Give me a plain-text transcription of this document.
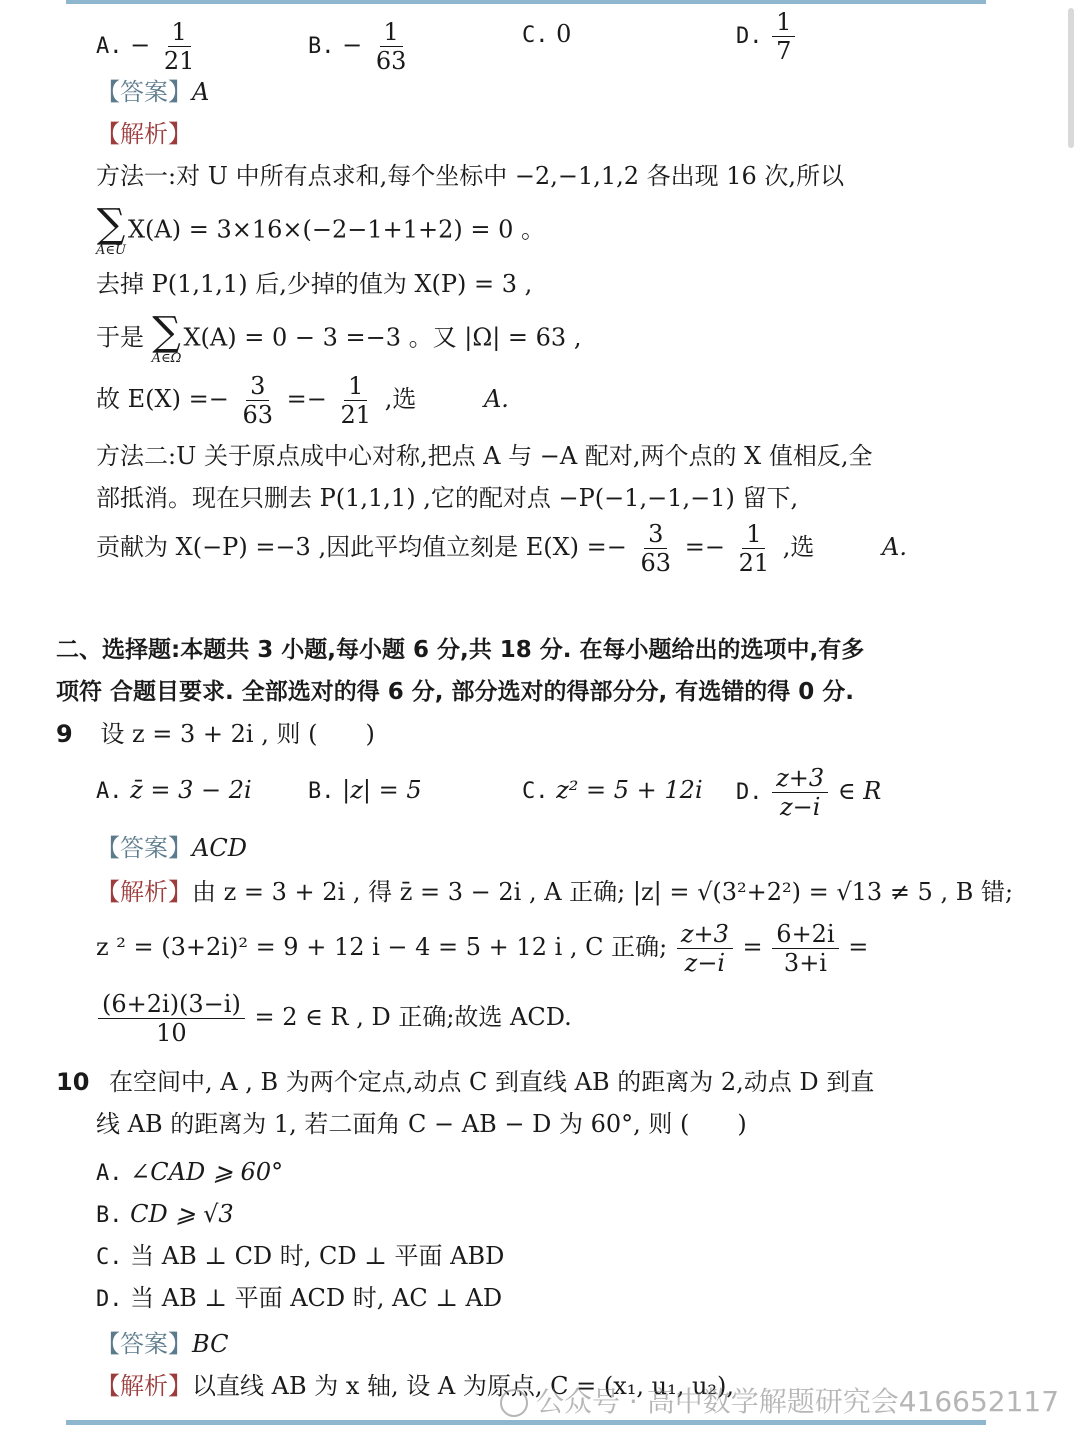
A. − $\frac{1}{21}$	B. − $\frac{1}{63}$	C. 0	D. $\frac{1}{7}$
【答案】A
【解析】
方法一:对 U 中所有点求和,每个坐标中 −2,−1,1,2 各出现 16 次,所以
∑
A∈U
X(A) = 3×16×(−2−1+1+2) = 0 。
去掉 P(1,1,1) 后,少掉的值为 X(P) = 3 ,
于是 ∑
A∈Ω
X(A) = 0 − 3 =−3 。又 |Ω| = 63 ,
故 $E(X) =- \frac{3}{63} =- \frac{1}{21}$ ,选	A.
方法二:U 关于原点成中心对称,把点 A 与 −A 配对,两个点的 X 值相反,全
部抵消。现在只删去 P(1,1,1) ,它的配对点 −P(−1,−1,−1) 留下,
贡献为 X(−P) =−3 ,因此平均值立刻是 $E(X) =- \frac{3}{63} =- \frac{1}{21}$ ,选	A.
二、选择题:本题共 3 小题,每小题 6 分,共 18 分. 在每小题给出的选项中,有多
项符 合题目要求. 全部选对的得 6 分, 部分选对的得部分分, 有选错的得 0 分.
9 设 z = 3 + 2i , 则 (　　)
A. z̄ = 3 − 2i	B. |z| = 5	C. z² = 5 + 12i D. $\frac{z+3}{z-i}$ ∈ R
【答案】ACD
【解析】由 z = 3 + 2i , 得 z̄ = 3 − 2i , A 正确; |z| = √(3²+2²) = √13 ≠ 5 , B 错;
z ² = (3+2i)² = 9 + 12 i − 4 = 5 + 12 i , C 正确; $\frac{z+3}{z-i} = \frac{6+2i}{3+i}$ =
$\frac{(6+2i)(3-i)}{10} = 2$ ∈ R , D 正确;故选 ACD.
10 在空间中, A , B 为两个定点,动点 C 到直线 AB 的距离为 2,动点 D 到直
线 AB 的距离为 1, 若二面角 C − AB − D 为 60°, 则 (　　)
A. ∠CAD ⩾ 60°
B. CD ⩾ √3
C. 当 AB ⊥ CD 时, CD ⊥ 平面 ABD
D. 当 AB ⊥ 平面 ACD 时, AC ⊥ AD
【答案】BC
【解析】以直线 AB 为 x 轴, 设 A 为原点, C = (x₁, u₁, u₂),
公众号 · 高中数学解题研究会416652117
